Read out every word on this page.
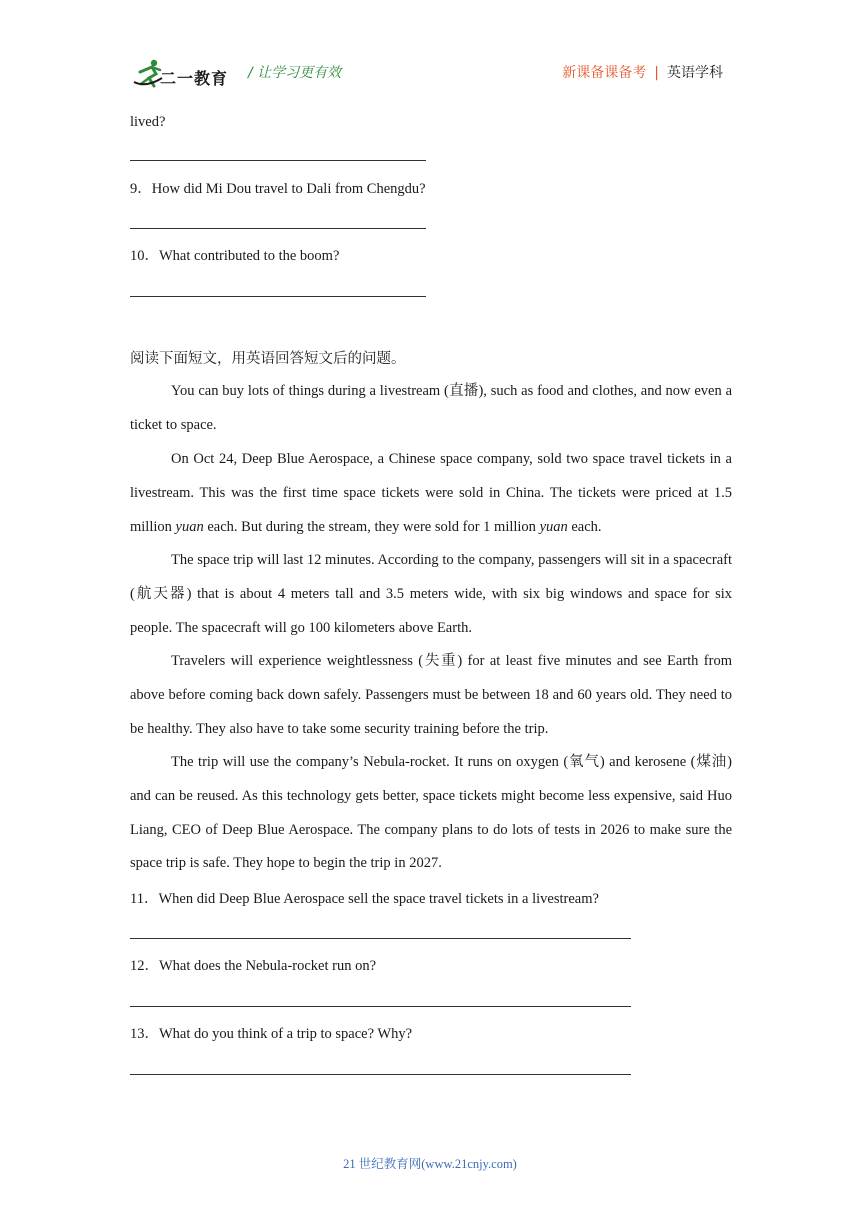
二一教育 / 让学习更有效	新课备课备考 | 英语学科
lived?
9．How did Mi Dou travel to Dali from Chengdu?
10．What contributed to the boom?
阅读下面短文，用英语回答短文后的问题。

You can buy lots of things during a livestream (直播), such as food and clothes, and now even a ticket to space.

On Oct 24, Deep Blue Aerospace, a Chinese space company, sold two space travel tickets in a livestream. This was the first time space tickets were sold in China. The tickets were priced at 1.5 million yuan each. But during the stream, they were sold for 1 million yuan each.

The space trip will last 12 minutes. According to the company, passengers will sit in a spacecraft (航天器) that is about 4 meters tall and 3.5 meters wide, with six big windows and space for six people. The spacecraft will go 100 kilometers above Earth.

Travelers will experience weightlessness (失重) for at least five minutes and see Earth from above before coming back down safely. Passengers must be between 18 and 60 years old. They need to be healthy. They also have to take some security training before the trip.

The trip will use the company’s Nebula-rocket. It runs on oxygen (氧气) and kerosene (煤油) and can be reused. As this technology gets better, space tickets might become less expensive, said Huo Liang, CEO of Deep Blue Aerospace. The company plans to do lots of tests in 2026 to make sure the space trip is safe. They hope to begin the trip in 2027.

11．When did Deep Blue Aerospace sell the space travel tickets in a livestream?
12．What does the Nebula-rocket run on?
13．What do you think of a trip to space? Why?
21 世纪教育网(www.21cnjy.com)
